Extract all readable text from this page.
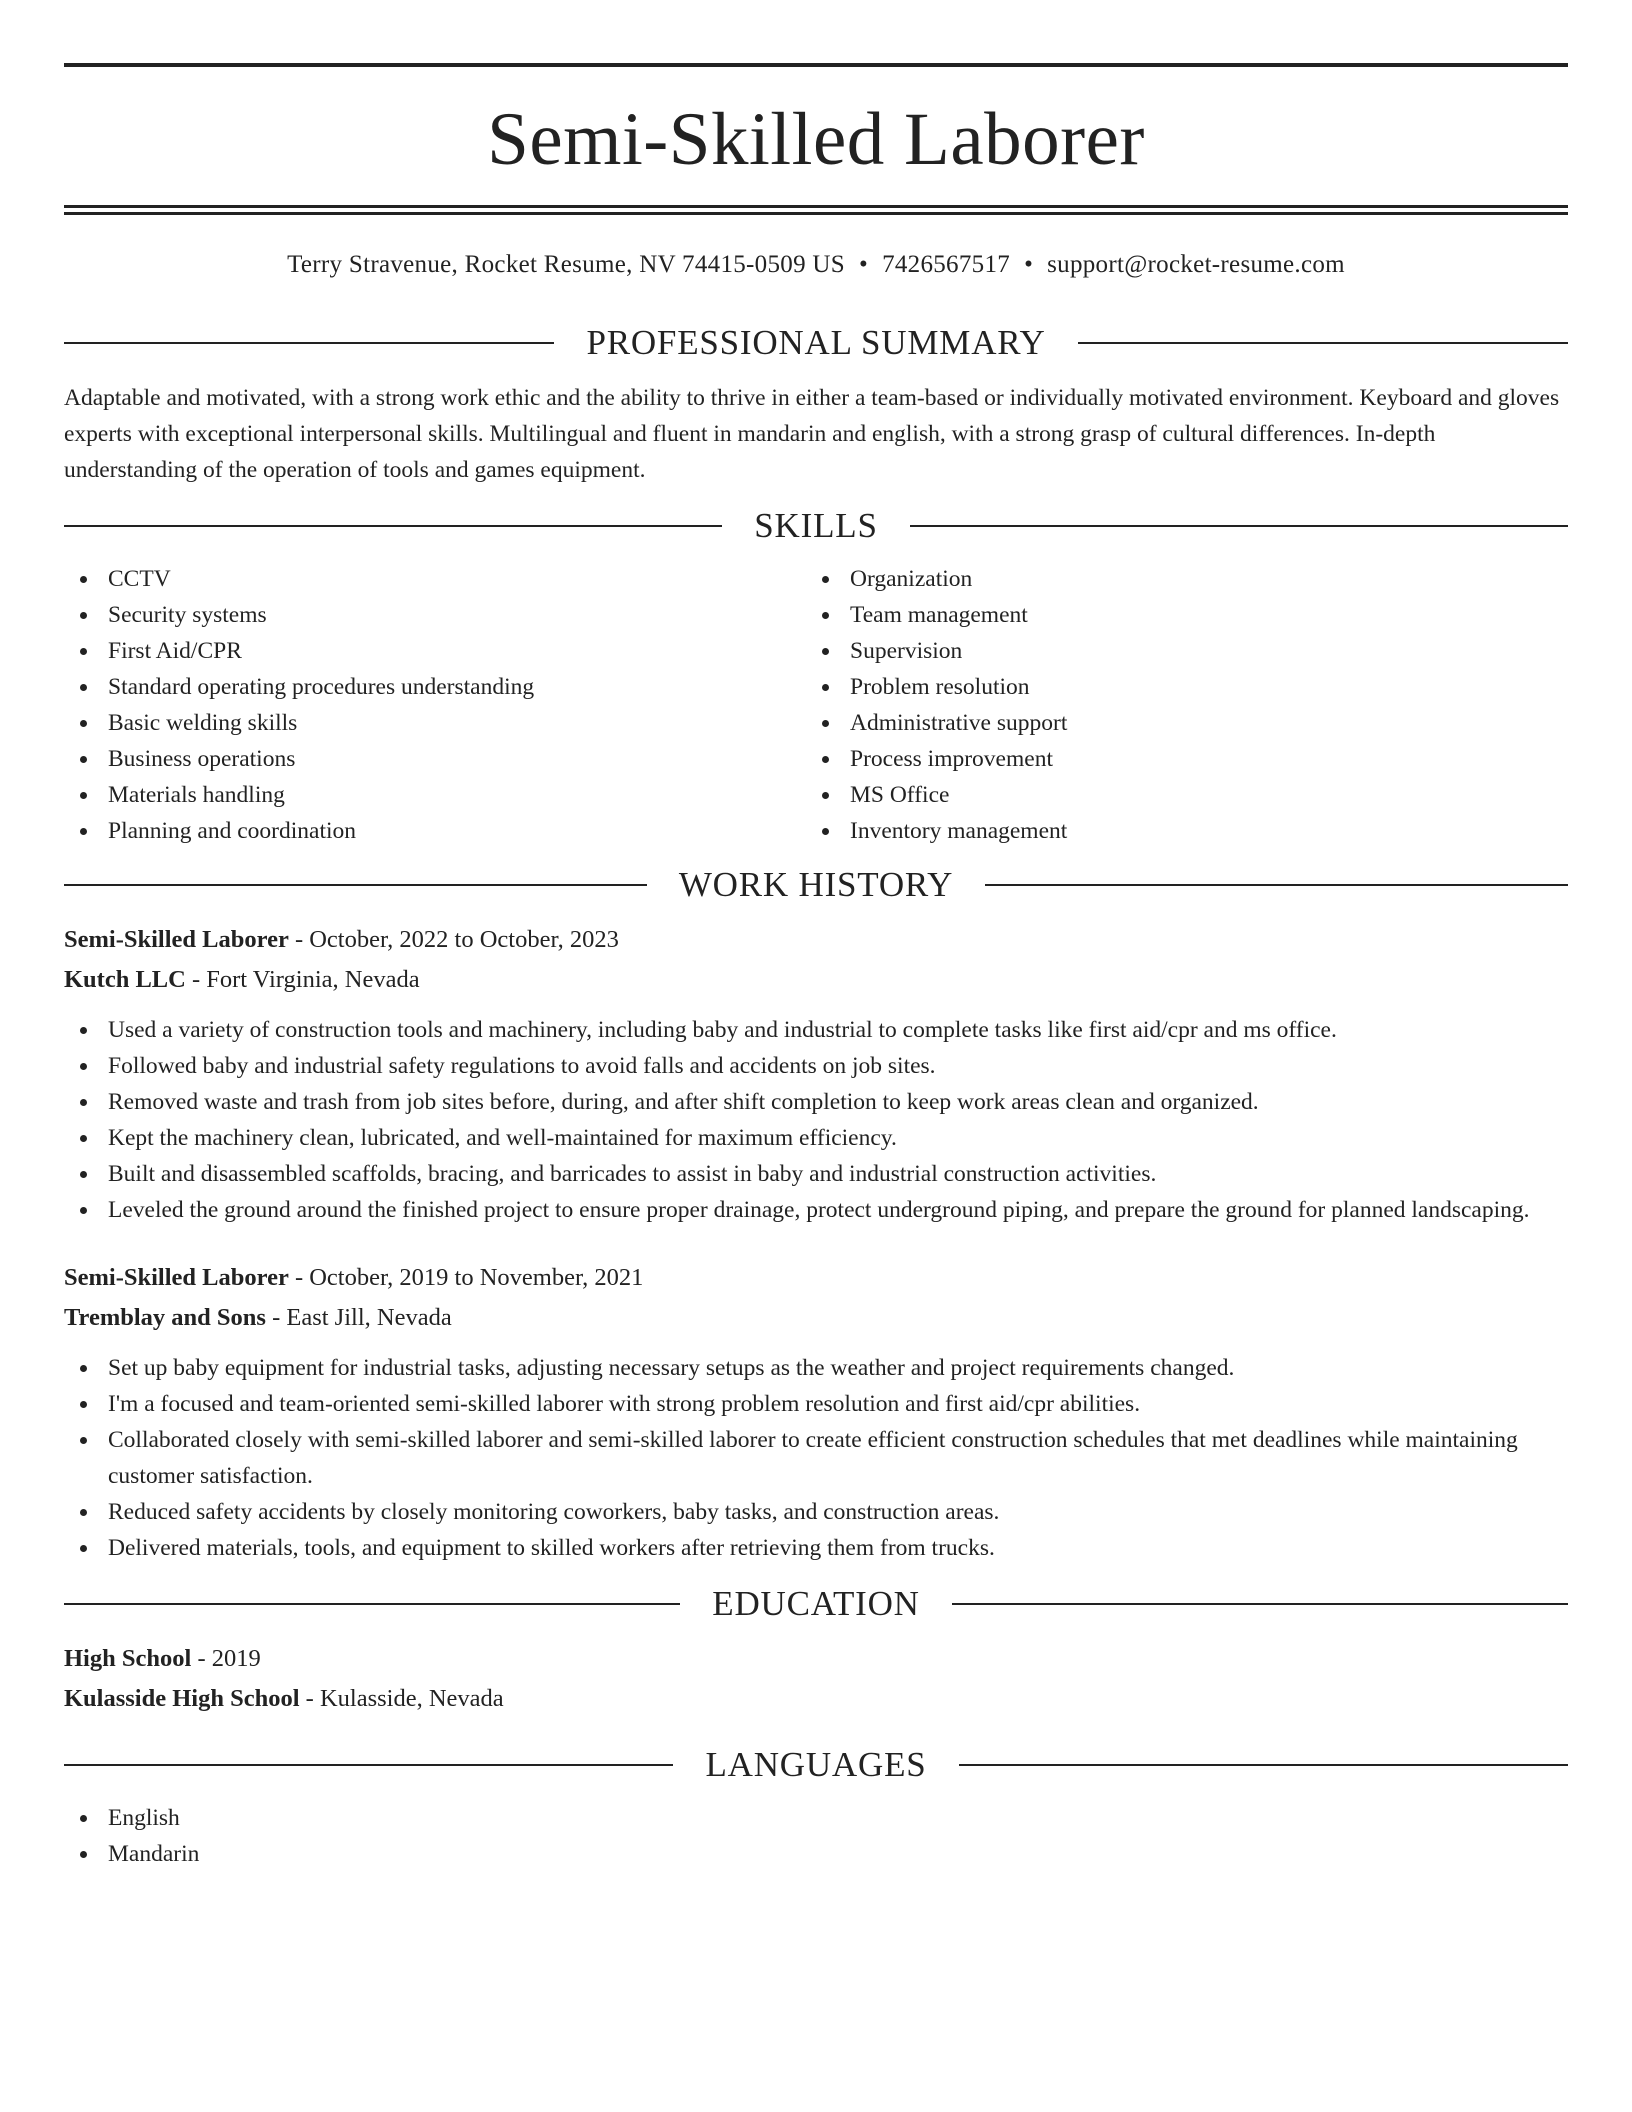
Semi-Skilled Laborer
Terry Stravenue, Rocket Resume, NV 74415-0509 US • 7426567517 • support@rocket-resume.com
PROFESSIONAL SUMMARY
Adaptable and motivated, with a strong work ethic and the ability to thrive in either a team-based or individually motivated environment. Keyboard and gloves experts with exceptional interpersonal skills. Multilingual and fluent in mandarin and english, with a strong grasp of cultural differences. In-depth understanding of the operation of tools and games equipment.
SKILLS
CCTV
Security systems
First Aid/CPR
Standard operating procedures understanding
Basic welding skills
Business operations
Materials handling
Planning and coordination
Organization
Team management
Supervision
Problem resolution
Administrative support
Process improvement
MS Office
Inventory management
WORK HISTORY
Semi-Skilled Laborer - October, 2022 to October, 2023
Kutch LLC - Fort Virginia, Nevada
Used a variety of construction tools and machinery, including baby and industrial to complete tasks like first aid/cpr and ms office.
Followed baby and industrial safety regulations to avoid falls and accidents on job sites.
Removed waste and trash from job sites before, during, and after shift completion to keep work areas clean and organized.
Kept the machinery clean, lubricated, and well-maintained for maximum efficiency.
Built and disassembled scaffolds, bracing, and barricades to assist in baby and industrial construction activities.
Leveled the ground around the finished project to ensure proper drainage, protect underground piping, and prepare the ground for planned landscaping.
Semi-Skilled Laborer - October, 2019 to November, 2021
Tremblay and Sons - East Jill, Nevada
Set up baby equipment for industrial tasks, adjusting necessary setups as the weather and project requirements changed.
I'm a focused and team-oriented semi-skilled laborer with strong problem resolution and first aid/cpr abilities.
Collaborated closely with semi-skilled laborer and semi-skilled laborer to create efficient construction schedules that met deadlines while maintaining customer satisfaction.
Reduced safety accidents by closely monitoring coworkers, baby tasks, and construction areas.
Delivered materials, tools, and equipment to skilled workers after retrieving them from trucks.
EDUCATION
High School - 2019
Kulasside High School - Kulasside, Nevada
LANGUAGES
English
Mandarin
